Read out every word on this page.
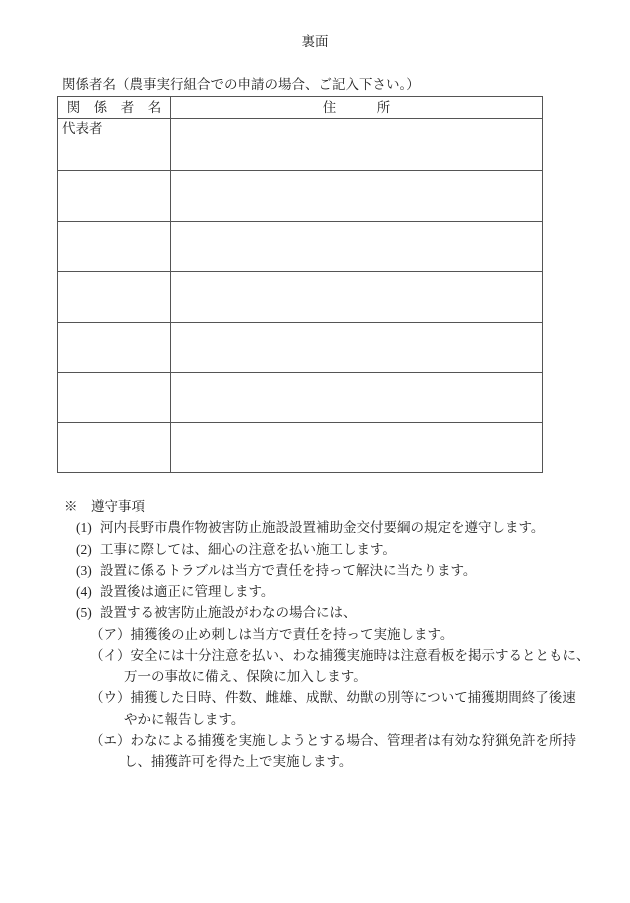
裏面
関係者名（農事実行組合での申請の場合、ご記入下さい。）
関　係　者　名	住　　　所
代表者	

※　遵守事項
(1) 河内長野市農作物被害防止施設設置補助金交付要綱の規定を遵守します。
(2) 工事に際しては、細心の注意を払い施工します。
(3) 設置に係るトラブルは当方で責任を持って解決に当たります。
(4) 設置後は適正に管理します。
(5) 設置する被害防止施設がわなの場合には、
（ア）捕獲後の止め刺しは当方で責任を持って実施します。
（イ）安全には十分注意を払い、わな捕獲実施時は注意看板を掲示するとともに、
万一の事故に備え、保険に加入します。
（ウ）捕獲した日時、件数、雌雄、成獣、幼獣の別等について捕獲期間終了後速
やかに報告します。
（エ）わなによる捕獲を実施しようとする場合、管理者は有効な狩猟免許を所持
し、捕獲許可を得た上で実施します。
